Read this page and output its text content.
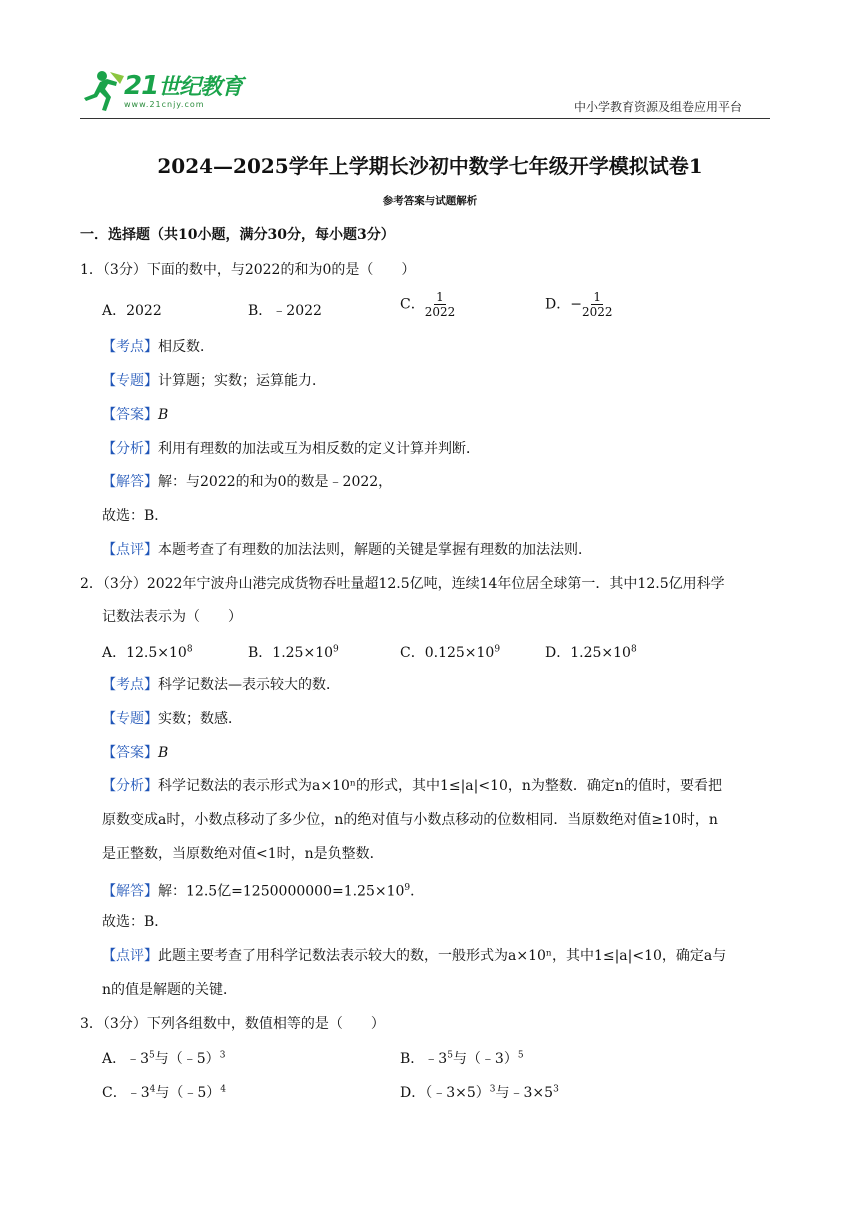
21世纪教育
www.21cnjy.com	中小学教育资源及组卷应用平台
2024—2025学年上学期长沙初中数学七年级开学模拟试卷1
参考答案与试题解析
一．选择题（共10小题，满分30分，每小题3分）
1．（3分）下面的数中，与2022的和为0的是（　　）
A．2022	B．﹣2022	C． $\frac{1}{2022}$	D．− $\frac{1}{2022}$
【考点】相反数．
【专题】计算题；实数；运算能力．
【答案】B
【分析】利用有理数的加法或互为相反数的定义计算并判断．
【解答】解：与2022的和为0的数是﹣2022，
故选：B．
【点评】本题考查了有理数的加法法则，解题的关键是掌握有理数的加法法则．
2．（3分）2022年宁波舟山港完成货物吞吐量超12.5亿吨，连续14年位居全球第一．其中12.5亿用科学
记数法表示为（　　）
A．$12.5\times 10^8$	B．$1.25\times 10^9$	C．$0.125\times 10^9$	D．$1.25\times 10^8$
【考点】科学记数法—表示较大的数．
【专题】实数；数感．
【答案】B
【分析】科学记数法的表示形式为a×10ⁿ的形式，其中1≤|a|<10，n为整数．确定n的值时，要看把
原数变成a时，小数点移动了多少位，n的绝对值与小数点移动的位数相同．当原数绝对值≥10时，n
是正整数，当原数绝对值<1时，n是负整数．
【解答】解：12.5亿$=1250000000=1.25\times 10^9$．
故选：B．
【点评】此题主要考查了用科学记数法表示较大的数，一般形式为a×10ⁿ，其中1≤|a|<10，确定a与
n的值是解题的关键．
3．（3分）下列各组数中，数值相等的是（　　）
A．$﹣3^5$与（﹣5）$^3$	B．$﹣3^5$与（﹣3）$^5$
C．$﹣3^4$与（﹣5）$^4$	D．（﹣3×5）$^3$与$﹣3\times 5^3$
